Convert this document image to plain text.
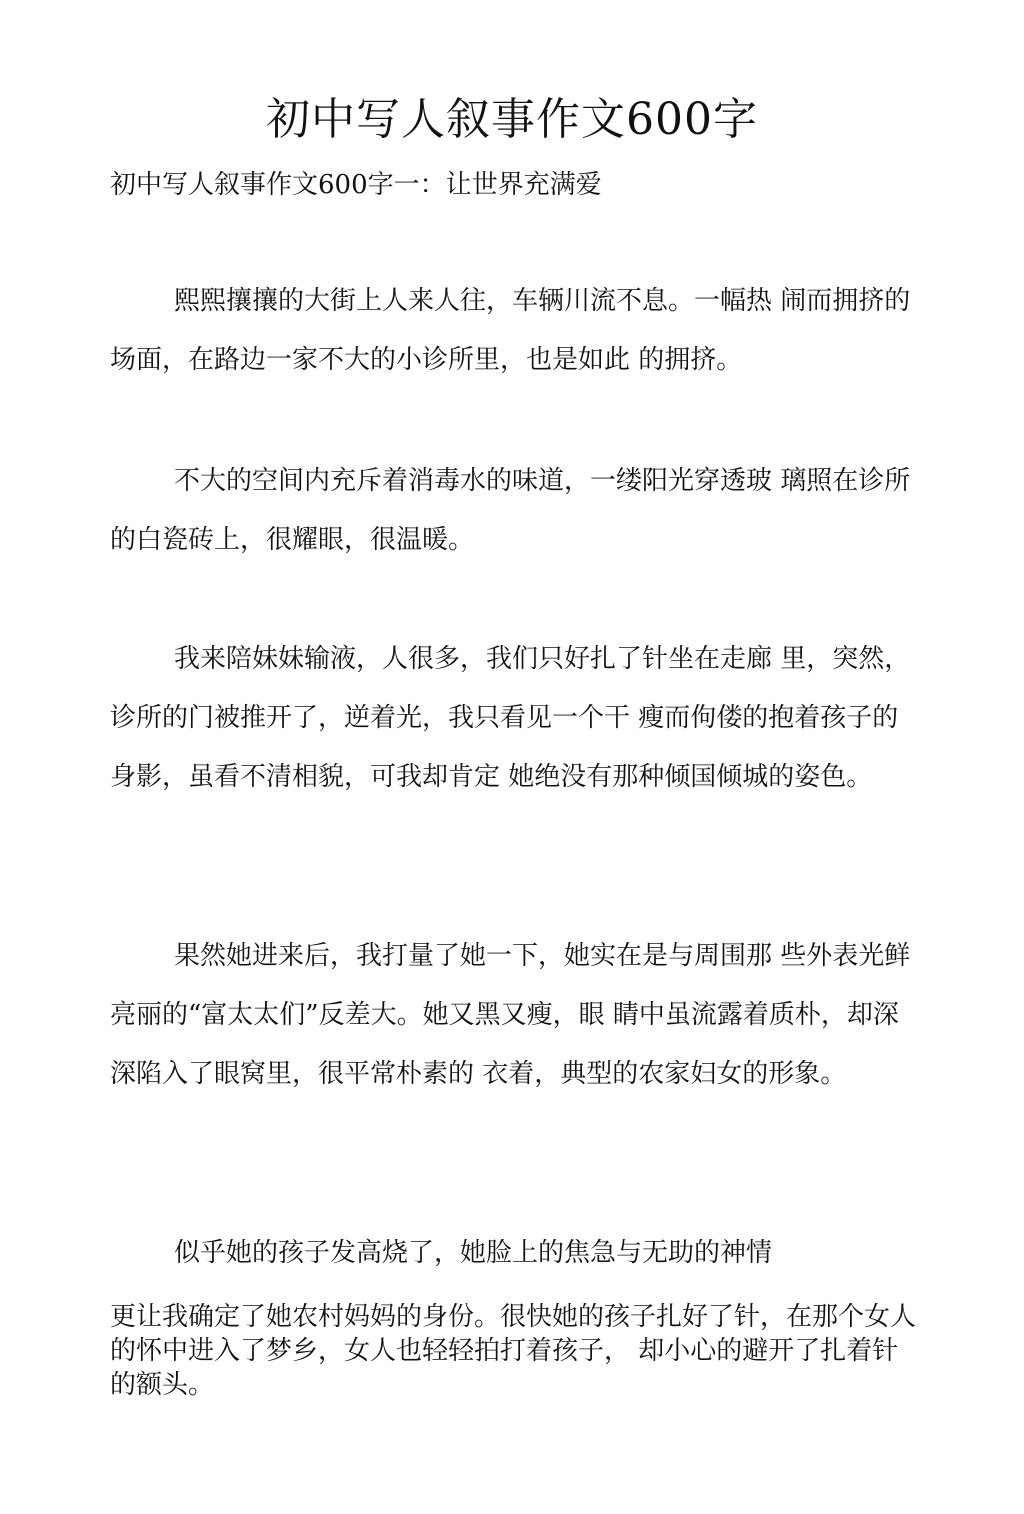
初中写人叙事作文600字

初中写人叙事作文600字一：让世界充满爱

熙熙攘攘的大街上人来人往，车辆川流不息。一幅热 闹而拥挤的场面，在路边一家不大的小诊所里，也是如此 的拥挤。

不大的空间内充斥着消毒水的味道，一缕阳光穿透玻 璃照在诊所的白瓷砖上，很耀眼，很温暖。

我来陪妹妹输液，人很多，我们只好扎了针坐在走廊 里，突然，诊所的门被推开了，逆着光，我只看见一个干 瘦而佝偻的抱着孩子的身影，虽看不清相貌，可我却肯定 她绝没有那种倾国倾城的姿色。

果然她进来后，我打量了她一下，她实在是与周围那 些外表光鲜亮丽的“富太太们”反差大。她又黑又瘦，眼 睛中虽流露着质朴，却深深陷入了眼窝里，很平常朴素的 衣着，典型的农家妇女的形象。

似乎她的孩子发高烧了，她脸上的焦急与无助的神情

更让我确定了她农村妈妈的身份。很快她的孩子扎好了针，在那个女人的怀中进入了梦乡，女人也轻轻拍打着孩子， 却小心的避开了扎着针的额头。
